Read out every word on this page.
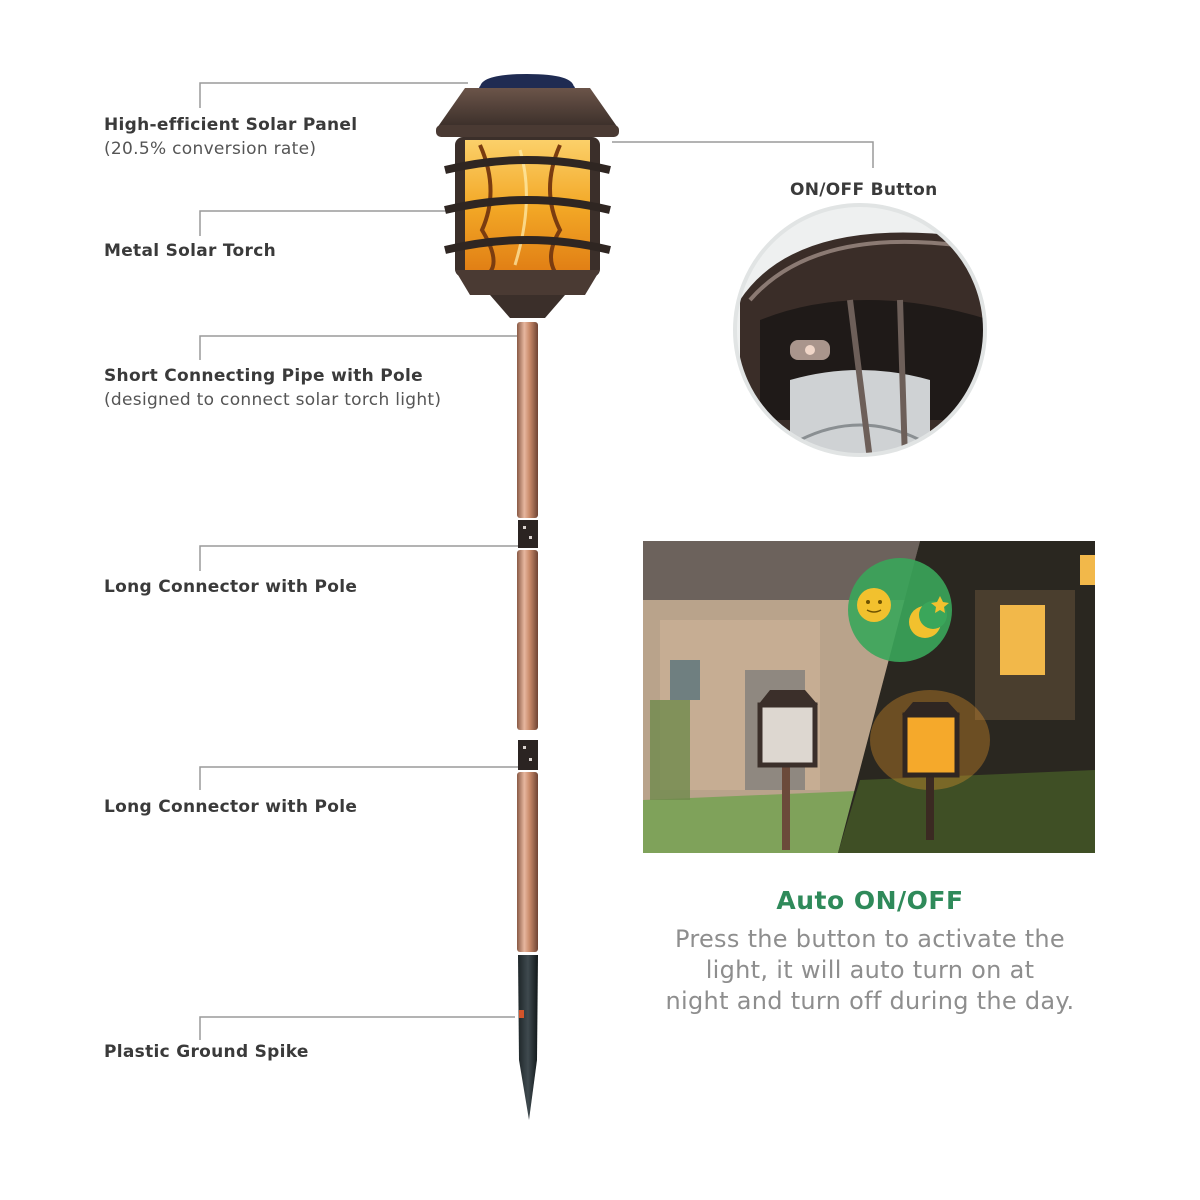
High-efficient Solar Panel
(20.5% conversion rate)
Metal Solar Torch
Short Connecting Pipe with Pole
(designed to connect solar torch light)
Long Connector with Pole
Long Connector with Pole
Plastic Ground Spike
ON/OFF Button
Auto ON/OFF
Press the button to activate the
light, it will auto turn on at
night and turn off during the day.
